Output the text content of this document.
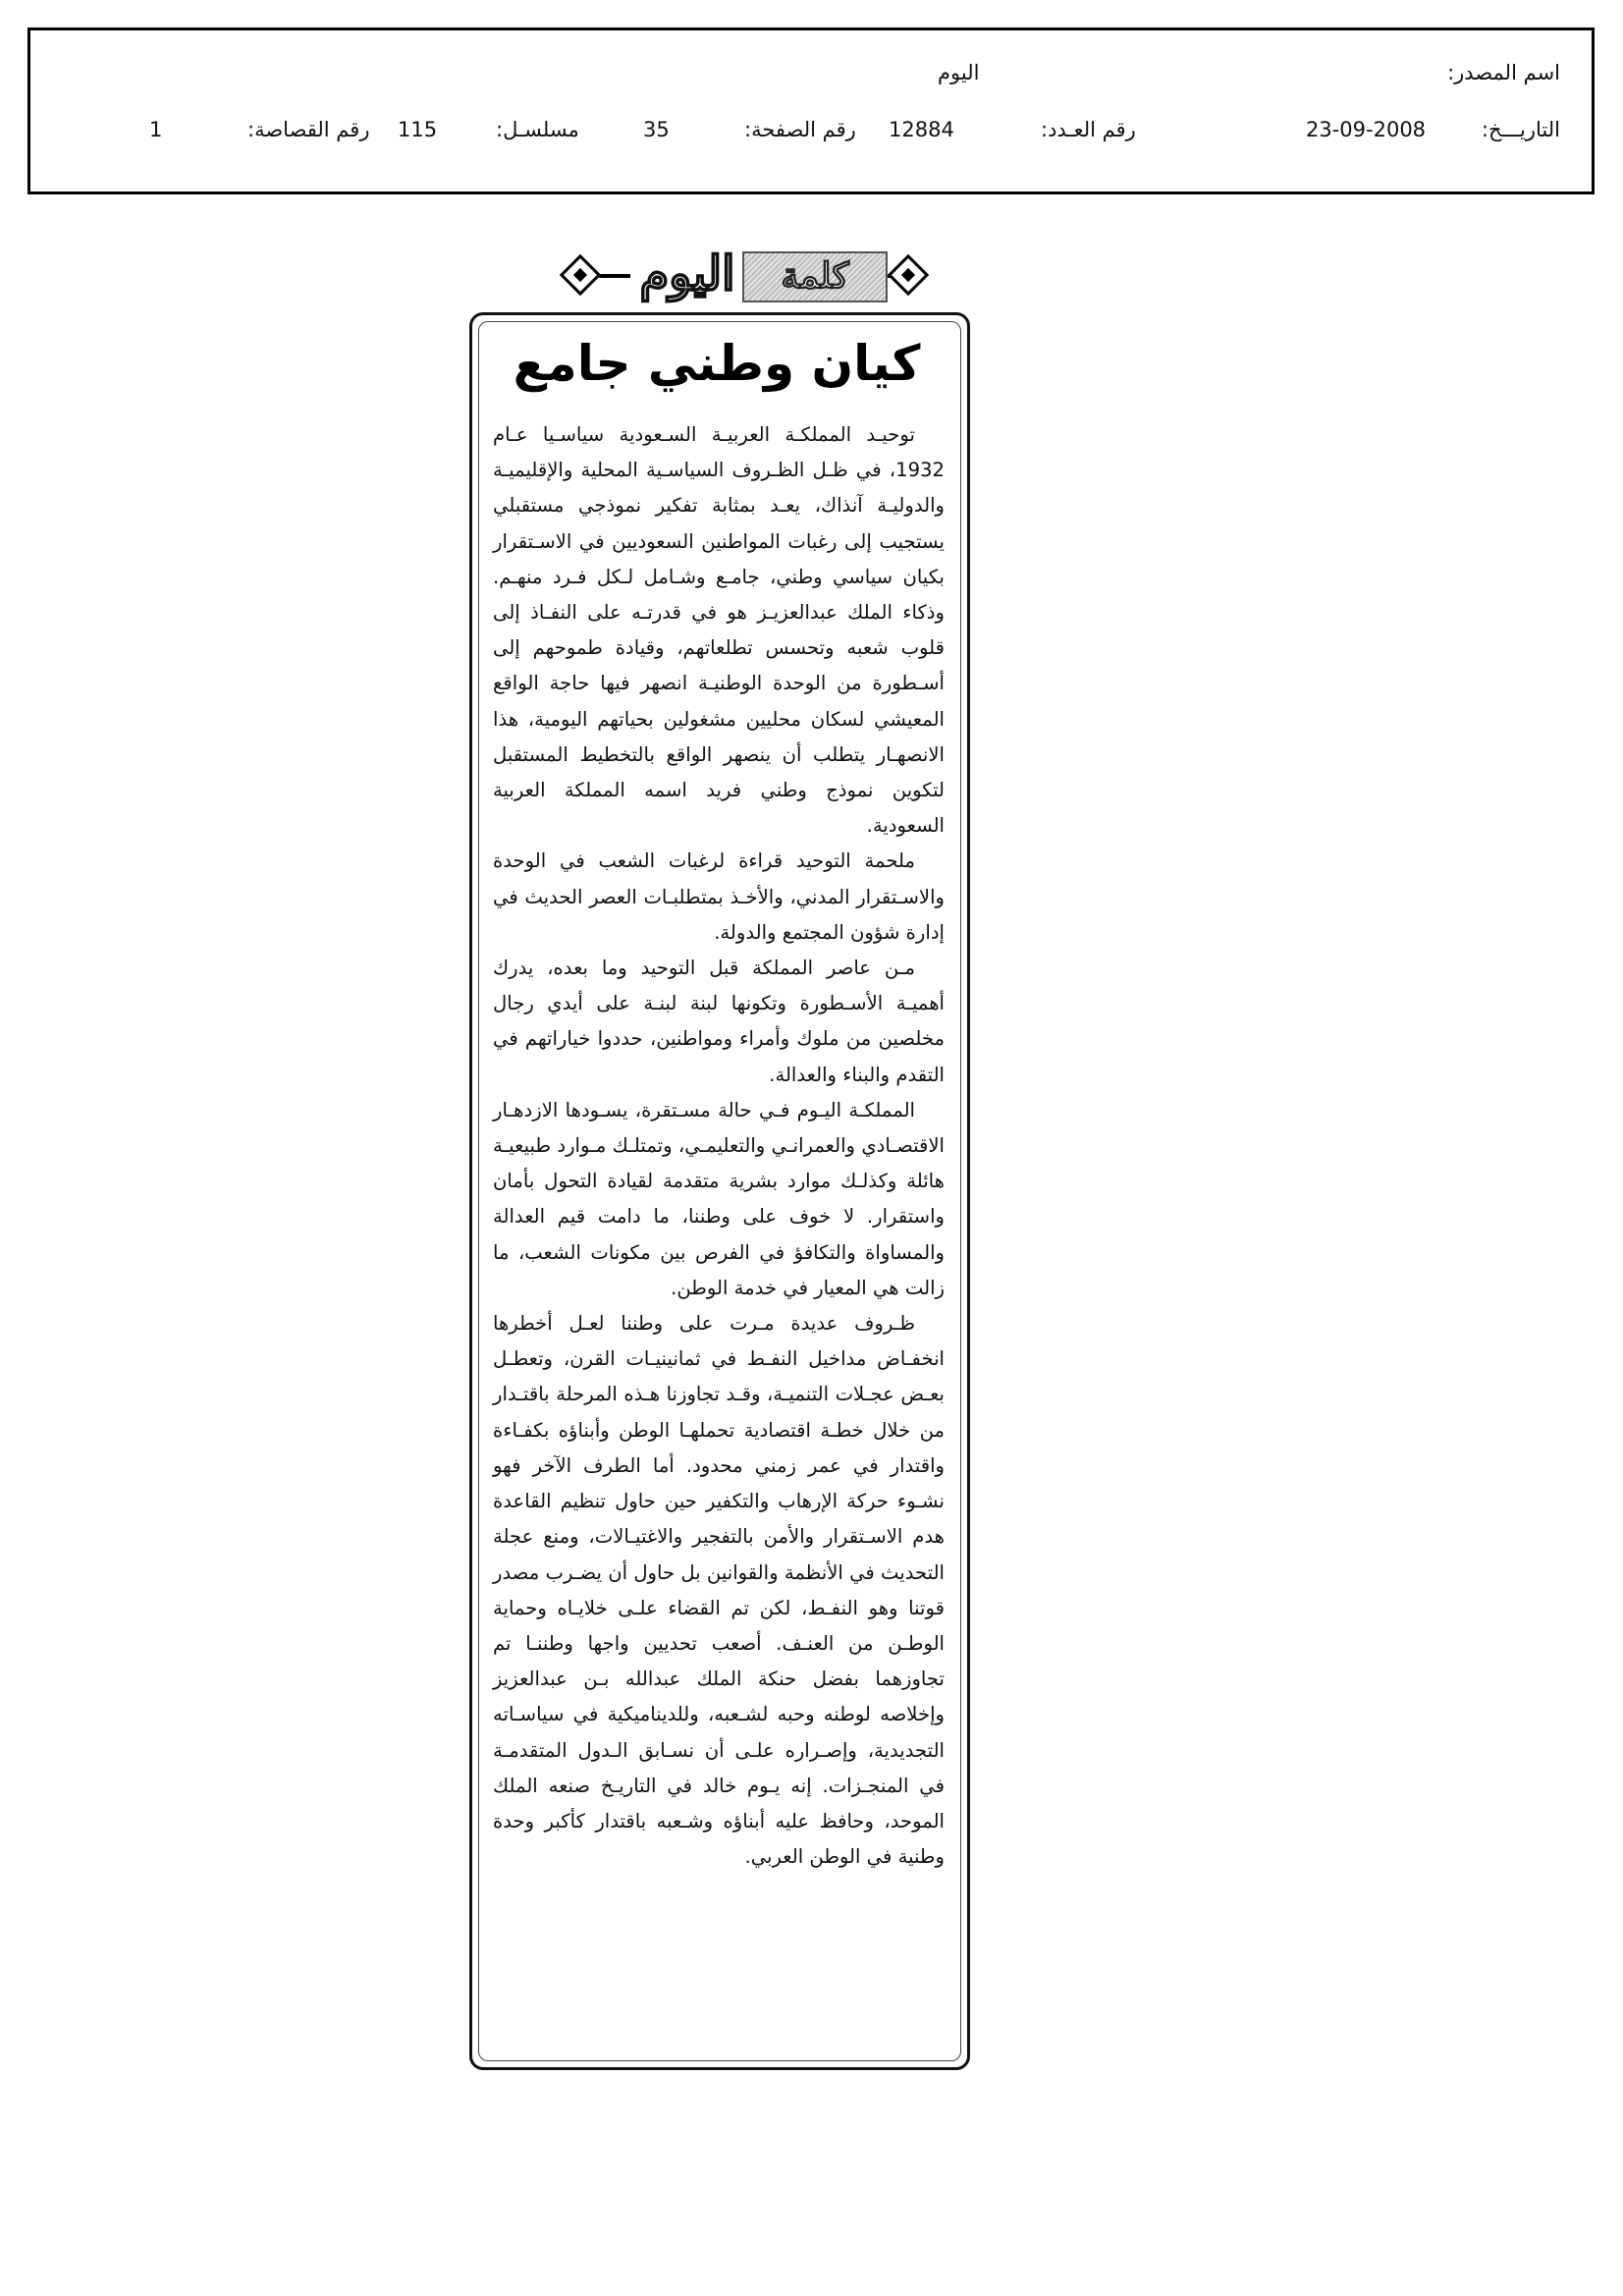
اسم المصدر:
اليوم
التاريـــخ:
23-09-2008
رقم العـدد:
12884
رقم الصفحة:
35
مسلسـل:
115
رقم القصاصة:
1
اليوم	كلمة
كيان وطني جامع

توحيـد المملكـة العربيـة السـعودية سياسـيا عـام 1932، في ظـل الظـروف السياسـية المحلية والإقليميـة والدوليـة آنذاك، يعـد بمثابة تفكير نموذجي مستقبلي يستجيب إلى رغبات المواطنين السعوديين في الاسـتقرار بكيان سياسي وطني، جامـع وشـامل لـكل فـرد منهـم. وذكاء الملك عبدالعزيـز هو في قدرتـه على النفـاذ إلى قلوب شعبه وتحسس تطلعاتهم، وقيادة طموحهم إلى أسـطورة من الوحدة الوطنيـة انصهر فيها حاجة الواقع المعيشي لسكان محليين مشغولين بحياتهم اليومية، هذا الانصهـار يتطلب أن ينصهر الواقع بالتخطيط المستقبل لتكوين نموذج وطني فريد اسمه المملكة العربية السعودية.

ملحمة التوحيد قراءة لرغبات الشعب في الوحدة والاسـتقرار المدني، والأخـذ بمتطلبـات العصر الحديث في إدارة شؤون المجتمع والدولة.

مـن عاصر المملكة قبل التوحيد وما بعده، يدرك أهميـة الأسـطورة وتكونها لبنة لبنـة على أيدي رجال مخلصين من ملوك وأمراء ومواطنين، حددوا خياراتهم في التقدم والبناء والعدالة.

المملكـة اليـوم فـي حالة مسـتقرة، يسـودها الازدهـار الاقتصـادي والعمرانـي والتعليمـي، وتمتلـك مـوارد طبيعيـة هائلة وكذلـك موارد بشرية متقدمة لقيادة التحول بأمان واستقرار. لا خوف على وطننا، ما دامت قيم العدالة والمساواة والتكافؤ في الفرص بين مكونات الشعب، ما زالت هي المعيار في خدمة الوطن.

ظـروف عديدة مـرت على وطننا لعـل أخطرها انخفـاض مداخيل النفـط في ثمانينيـات القرن، وتعطـل بعـض عجـلات التنميـة، وقـد تجاوزنا هـذه المرحلة باقتـدار من خلال خطـة اقتصادية تحملهـا الوطن وأبناؤه بكفـاءة واقتدار في عمر زمني محدود. أما الطرف الآخر فهو نشـوء حركة الإرهاب والتكفير حين حاول تنظيم القاعدة هدم الاسـتقرار والأمن بالتفجير والاغتيـالات، ومنع عجلة التحديث في الأنظمة والقوانين بل حاول أن يضـرب مصدر قوتنا وهو النفـط، لكن تم القضاء علـى خلايـاه وحماية الوطـن من العنـف. أصعب تحديين واجها وطننـا تم تجاوزهما بفضل حنكة الملك عبدالله بـن عبدالعزيز وإخلاصه لوطنه وحبه لشـعبه، وللديناميكية في سياسـاته التجديدية، وإصـراره علـى أن نسـابق الـدول المتقدمـة في المنجـزات. إنه يـوم خالد في التاريـخ صنعه الملك الموحد، وحافظ عليه أبناؤه وشـعبه باقتدار كأكبر وحدة وطنية في الوطن العربي.
